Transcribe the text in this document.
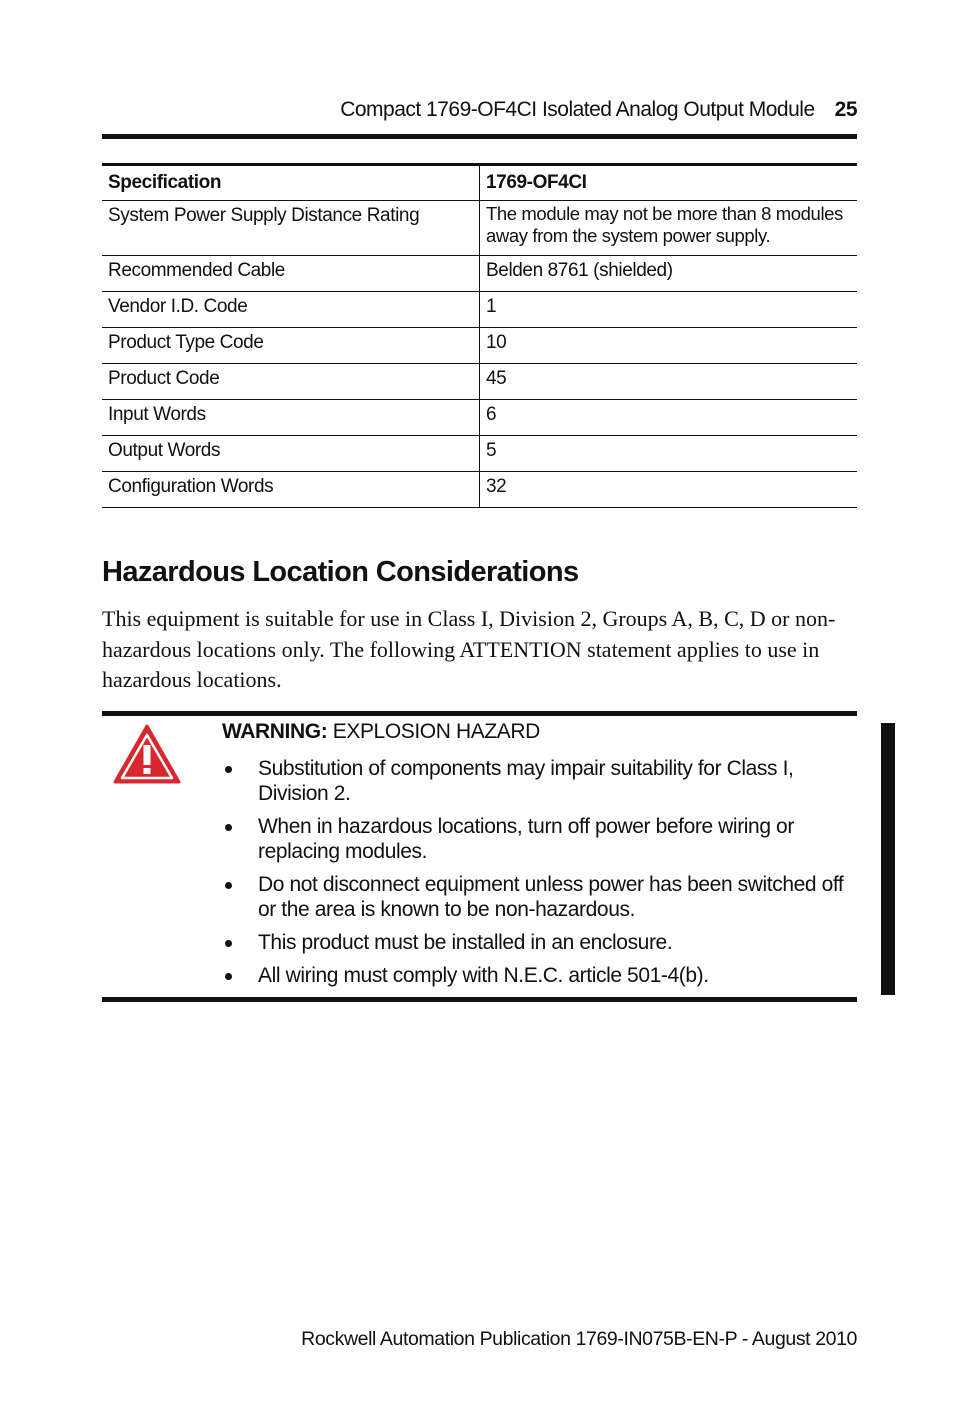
Compact 1769-OF4CI Isolated Analog Output Module 25
Specification	1769-OF4CI
System Power Supply Distance Rating	The module may not be more than 8 modules away from the system power supply.
Recommended Cable	Belden 8761 (shielded)
Vendor I.D. Code	1
Product Type Code	10
Product Code	45
Input Words	6
Output Words	5
Configuration Words	32
Hazardous Location Considerations

This equipment is suitable for use in Class I, Division 2, Groups A, B, C, D or non-hazardous locations only. The following ATTENTION statement applies to use in hazardous locations.

WARNING: EXPLOSION HAZARD
Substitution of components may impair suitability for Class I, Division 2.
When in hazardous locations, turn off power before wiring or replacing modules.
Do not disconnect equipment unless power has been switched off or the area is known to be non-hazardous.
This product must be installed in an enclosure.
All wiring must comply with N.E.C. article 501-4(b).
Rockwell Automation Publication 1769-IN075B-EN-P - August 2010
